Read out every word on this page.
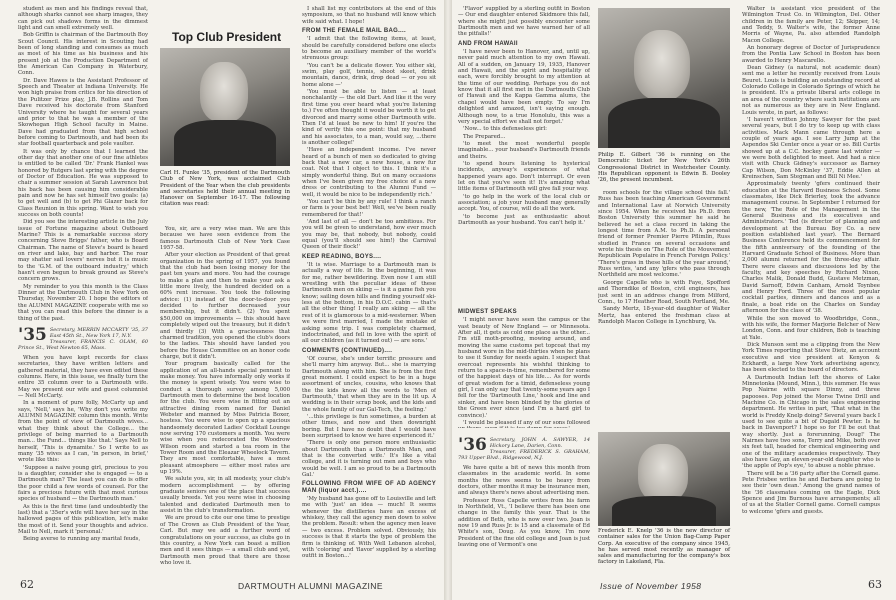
student as men and his findings reveal that, although sharks cannot see sharp images, they can pick out shadows forms in the dimmest light and can smell extremely well.

Bob Griffin is chairman of the Dartmouth Boy Scout Council. His interest in Scouting had been of long standing and consumes as much as most of his time as his business and his present job at the Production Department of the American Can Company in Waterbury, Conn.

Dr. Dave Hawes is the Assistant Professor of Speech and Theater at Indiana University. He won high praise from critics for his direction of the Pulitzer Prize play, J.B. Rollins and Tom Dave received his doctorate from Stanford University where he taught for several years and prior to that he was a member of the Skowhegan High School faculty in Maine. Dave had graduated from that high school before coming to Dartmouth, and had been its star football quarterback and pole vaulter.

It was only by chance that I learned the other day that another one of our fine athletes is entitled to be called 'Dr.' Frank Hankel was honored by Rutgers last spring with the degree of Doctor of Education. He was supposed to chair a summer session at Sarah Lawrence but his back has been causing him considerable pain and now he has set himself two goals: (a) to get well and (b) to get Phi Glazer back for Class Reunion in this spring. Want to wish you success on both counts!

Did you see the interesting article in the July issue of Fortune magazine about Outboard Marine? This is a remarkable success story concerning Steve Briggs' father, who is Board Chairman. The name of Steve's board is heard on river and lake, bay and harbor. The roar may shatter sail lovers' nerves but it is music to the 'G.M. of the outboard industry,' which hasn't even begun to break ground as Steve's concern grows.

My reminder to you this month is the Class Dinner at the Dartmouth Club in New York on Thursday, November 20. I hope the editors of the ALUMNI MAGAZINE cooperate with me so that you can read this before the dinner is a thing of the past.

'35 Secretary, MERRIN MCCARTY '35, 37 East 45th St., New York 17, N.Y.
Treasurer, FRANCIS C. OLAM, 60 Prince St., West Newton 65, Mass.

When you have kept records for class secretaries, they have written letters and gathered material, they have even edited these columns. Here, in this issue, we finally turn the entire 35 column over to a Dartmouth wife. May we present our wife and guest columnist — Nell McCarty.

In a moment of pure folly, McCarty up and says, 'Nell,' says he, 'Why don't you write my ALUMNI MAGAZINE column this month. Write from the point of view of Dartmouth wives... what they think about the College... the privilege of being married to a Dartmouth man... the Fund... things like that.' Says Nell to herself, 'This is dynamite.' So I write to as many '35 wives as I can, 'in person, in brief,' wrote like this:

'Suppose a naive young girl, precious to you is a daughter, consider she is engaged — to a Dartmouth man? The least you can do is offer the poor child a few words of counsel. For the fairs a precious future with that most curious species of husband — the Dartmouth man.'

As this is the first time (and undoubtedly the last) that a '35er's wife will have her say in the hallowed pages of this publication, let's make the most of it. Send your thoughts and advice. Mail to Nell, mark it 'personal.'

Being averse to running any marital feuds,

Top Club President
Carl H. Funke '35, president of the Dartmouth Club of New York, was acclaimed Club President of the Year when the club presidents and secretaries held their annual meeting in Hanover on September 16-17. The following citation was read:

You, sir, are a very wise man. We are this because we have seen evidence from the famous Dartmouth Club of New York Case 1957-58.

After your election as President of that great organization in the spring of 1957, you found that the club had been losing money for the past ten years and more. You had the courage to make a plan and then to make your ask a little more lively, the hundred decided on a 60% rent increase. You took the following advice: (1) instead of the door-to-door you decided to further decreased your membership, but it didn't. (2) You spent $50,000 on improvements — this should have completely wiped out the treasury, but it didn't and thirdly (3) With a graciousness that charmed tradition, you opened the club's doors to the ladies. This should have landed you before the House Committee on an honor code charge, but it didn't.

Your program basically called for the application of an all-hands special pennant to make money. You have informally only works if the money is spent wisely. You were wise to conduct a thorough survey among 5,000 Dartmouth men to determine the best location for the club. You were wise in fitting out an attractive dining room named for Daniel Webster and manned by Miss Patricia Boxer, hostess. You were wise to open up a spacious handsomely decorated Ladies' Cocktail Lounge now serving 170 customers a month. You were wise when you redecorated the Woodrow Wilson room and started a tea room in the Tower Room and the Eleazar Wheelock Tavern. They are most comfortable, have a most pleasant atmosphere — either most rates are up 19%.

We salute you, sir, in all modesty, your club's modern accomplishment — by offering graduate seniors one of the place that success usually breeds. Yet you were wise in choosing talented and dedicated Dartmouth men to assist in the club's transformation.

We are proud to cite our one time to prestige of The Crown as Club President of the Year, Carl. But may we add a further word of congratulations on your success, as clubs go in this country, a New York can boast a million men and it sees things — a small club and yet, Dartmouth men proud that there are those who love it.

I shall list my contributors at the end of this symposium, so that no husband will know which wife said what. I hope!

FROM THE FEMALE MAIL BAG....

'I admit that the following items, at least, should be carefully considered before one elects to become an auxiliary member of the world's strenuous group:

'You can't be a delicate flower. You either ski, swim, play golf, tennis, shoot skeet, drink mountain, dance, drink, drop dead — or you sit home alone —'

'You must be able to listen — at least nonchalantly — the old Dart. And like it the very first time you ever heard what you're listening to.) I've often thought it would be worth it to get divorced and marry some other Dartmouth wife. Then I'd at least be new to him! If you're the kind of verify this one point: that my husband and his associates, to a man, would say, ...there is another college!'

'Have an independent income. I've never heard of a bunch of men so dedicated to giving back that a new car, a new house, a new fur coat. Not that I object to this. I think it's a simply wonderful thing. But on many occasions when I've been given my free choice of a new dress or contributing to the Alumni Fund — well, it would be nice to be independently rich.'

'You can't be thin by any rule! I think a ranch or farm is your best bet! Well, we've been really remembered for that!'

'And last of all — don't be too ambitious. For you will be given to understand, how ever much you may be, that nobody, but nobody, could equal (you'll should see him!) the Carnival Queen of their flock!'

KEEP READING, BOYS....

'It is wise. Marriage to a Dartmouth man is actually a way of life. In the beginning, it was for me, rather bewildering. Even now I am still wrestling with the peculiar ideas of these Dartmouth men on skiing — is it a game fish you know; sailing down hills and finding yourself ski-less at the bottom, in his D.O.C. cabin — that's all the other thing! I really am skiing — all the rest of it is glamorous to a mid-westerner. When we were first married, I made the mistake of asking some trip. I was completely charmed, indoctrinated, and fell in love with the spirit of all our children (as it turned out) — are sons.'

COMMENTS (CONTINUED)....

'Of course, she's under terrific pressure and she'll marry him anyway. But... she is marrying Dartmouth along with him. She is from the first great moment. I could expect to be in a huge assortment of uncles, cousins, who knows that the the kids know all the words to 'Men of Dartmouth,' that when they are in the lit up. A wedding is in their scrap book, and the kids and the whole family of our Gal-Tech, the feeling.'

'...this privilege is fun sometimes, a burden at other times, and now and then downright boring. But I have no doubt that I would have been surprised to know we have experienced it.'

'There is only one person more enthusiastic about Dartmouth than a Dartmouth Man, and that is the converted wife.' It's like a vital college, and it is turning out men and boys who would be well. I am so proud to be a Dartmouth Gal.'

FOLLOWING FROM WIFE OF AD AGENCY MAN (liquor acct.)....

'My husband has gone off to Louisville and left me with 'just' an idea — much! It seems whenever the distilleries have an excess of whiskey, they call the agency men down to solve the problem. Result: when the agency men leave — two excess. Problem solved. Obviously, his success is that it starts the type of problem the firm is thinking of. With Well Lebanon alcohol, with 'coloring' and 'flavor' supplied by a sterling outfit in Boston...'

62	DARTMOUTH ALUMNI MAGAZINE

'Flavor' supplied by a sterling outfit in Boston — Our end daughter entered Skidmore this fall, where she might just possibly encounter some Dartmouth men and we have warned her of all the pitfalls!'

AND FROM HAWAII

'I have never been to Hanover, and, until up, never paid much attention to my own Hawaii. All of a sudden, on January 19, 1935, Hanover and Hawaii, and the spirit and hospitality of each, were forcibly brought to my attention at the time of our wedding. Perhaps you do not know that it all first met in the Dartmouth Club of Hawaii and the Kappa Gamma alums, the chapel would have been empty. To say I'm delighted and amazed, isn't saying enough. Although now, to a true Honolulu, this was a very special effort we shall not forget.'

'Now... to this defenseless girl:

The Prepared...

'to meet the most wonderful people imaginable... your husband's Dartmouth friends and theirs.

'to spend hours listening to hysterical incidents, anyway's experiences of what happened years ago. Don't interrupt. Or even let on that you've seen it! It's amazing what little items of Dartmouth will give fall your way.

'to go help in the work of the local club or association; a job your husband may generally accept. You, of course, will do all the work.

'to become just as enthusiastic about Dartmouth as your husband. You can't help it.'

Philip E. Gilbert '36 is running on the Democratic ticket for New York's 26th Congressional District in Westchester County. His Republican opponent is Edwin B. Dooley '26, the present incumbent.
MIDWEST SPEAKS

'I might never have seen the campus or the vast beauty of New England — or Minnesota. After all, it gets as cold one place as the other... I'm still moth-proofing, mowing around, and mowing the same customs pet topcoat that my husband wore in the mid-thirties when he plans to use it Sunday for needs again. I suspect that overcoat represents his wishful thinking to return to a space-in-time, remembered for some of the happiest days of his life.... As for words of great wisdom for a timid, defenseless young girl, I can only say that twenty-some years ago I fell for the 'Dartmouth Line,' hook and line and sinker, and have been blinded by the glories of the Green ever since (and I'm a hard girl to convince).'

'I would be pleased if any of our sons followed

room schools for the village school this fall.' Russ has been teaching American Government and International Law at Norwich University since 1954. When he received his Ph.D. from Boston University this summer he said he believed he set a class record in taking the longest time from A.M. to Ph.D. A personal friend of former Premier Pierre Pflimlin, Russ studied in France on several occasions and wrote his thesis on 'The Role of the Mouvement Republicain Populaire in French Foreign Policy.' 'There's grass in these hills of the year around,' Russ writes, 'and any 'gfers who pass through Northfield are most welcome.'

George Capelle who is with Faye, Spofford and Thorndike of Boston, civil engineers, has just sent in an address change from Milford, Conn., to 17 Heather Road, South Portland, Me.

Sandy Mertz, 18-year-old daughter of Walter Mertz, has entered the freshman class at Randolph Macon College in Lynchburg, Va.

'36 Secretary, JOHN A. SAWYER, 14 Hickory Lane, Darien, Conn.
Treasurer, FREDERICK S. GRAHAM, 793 Upper Blvd., Ridgewood, N.J.

We have quite a bit of news this month from classmates in the academic world. In some months the news seems to be heavy from doctors, other months it may be insurance men, and always there's news about advertising men.

Professor Ross Capelle writes from his farm in Northfield, Vt., 'I believe there has been one change in the family this year. That is the addition of Beth, who is now over two. Joan is now 19 and Russ Jr. is 15 and a classmate of Ed White's son, Doug. As you know, I'm now President of the fine old college and Joan is just leaving one of Vermont's one

Frederick E. Knelp '36 is the new director of container sales for the Union Bag-Camp Paper Corp. An executive of the company since 1945, he has served most recently as manager of sales and manufacturing for the company's box factory in Lakeland, Fla.

Walter is assistant vice president of the Wilmington Trust Co. in Wilmington, Del. Other children in the family are Peter, 12; Skipper, 14; and Teddy, 9. Walter's wife, the former Anne Morris of Wayne, Pa. also attended Randolph Macon College.

An honorary degree of Doctor of Jurisprudence from the Pontia Law School in Boston has been awarded to Henry Mascarello.

Dean Gidney (a natural, not academic dean) sent me a letter he recently received from Louis Beuret. Louis is building an outstanding record at Colorado College in Colorado Springs of which he is president. It's a private liberal arts college in an area of the country where such institutions are not as numerous as they are in New England. Louis wrote, in part, as follows:

'I haven't written Johnny Sawyer for the past several years, but I do try to keep up with class activities. Mack Mann came through here a couple of years ago. I see Larry Jump at the Aspendos Ski Center once a year or so. Bill Curtis showed up at a C.C. hockey game last winter — we were both delighted to meet. And had a nice visit with Chuck Gidney's successor as Barney Cap Wilson, Don McKinley '37, Eddie Allen at Kreinschen, Sam Stegman and Bill Ni Mee.'

Approximately twenty 'gfers continued their education at the Harvard Business School. Some classmates, like Dick Brierley, took the advance management course. In September I returned for the new, 'The Role of the Management in the General Business and its executives and Administrators.' Ted (is director of planning and development at the Bureau Boy Co. a new position established last year). The Bernard Business Conference held its commencement for the fifth anniversary of the founding of the Harvard Graduate School of Business. More than 2,000 alumni returned for the three-day affair. There were classes and discussions led by the faculty, and key speeches by Richard Nixon, Charles Malik, Donald Budd, Gustave Metzman, David Sarnoff, Edwin Canham, Arnold Toynbee and Henry Ford. Three of the most popular cocktail parties, dinners and dances and as a finale, a boat ride on the Charles on Sunday afternoon for the class of '38.

While the son moved to Woodbridge, Conn., with his wife, the former Marjorie Belcher of New London, Conn. and four children, Bob is teaching at Yale.

Dick Munson sent me a clipping from the New York Times reporting that Steve Dietz, an account executive and vice president at Kenyon & Eckhardt, a large New York advertising agency, has been elected to the board of directors.

A Dartmouth Indian left the shores of Lake Minnetonka (Mound, Minn.), this summer. He was Pop Nairne with square Dinny, and three papooses. Pop joined the Morse Twine Drill and Machine Co. in Chicago in the sales engineering department. He writes in part, 'That what in the world is Freddy Knelp doing? Several years back I used to see quite a bit of Dugald Pewter. Is he back in Davenport? I hope so for I'll be out that way shortly. Just a forerunning, Doug!' The Nairnes have two sons, Terry and Mike, both over six feet tall, headed for chemical engineering and one of the military academies respectively. They also have Gay, an eleven-year-old daughter who is 'the apple of Pop's eye,' to abuse a noble phrase.

There will be a '36 party after the Cornell game. Pete Frisbee writes he and Barbara are going to see their 'own dean.' Among the grand names of the '36 classmates coming on the Eagle, Dick Spence and Jim Burnous have arrangements; all of us at the Statler Cornell game. Cornell campus to welcome 'gfers and guests.

Issue of November 1958	63
